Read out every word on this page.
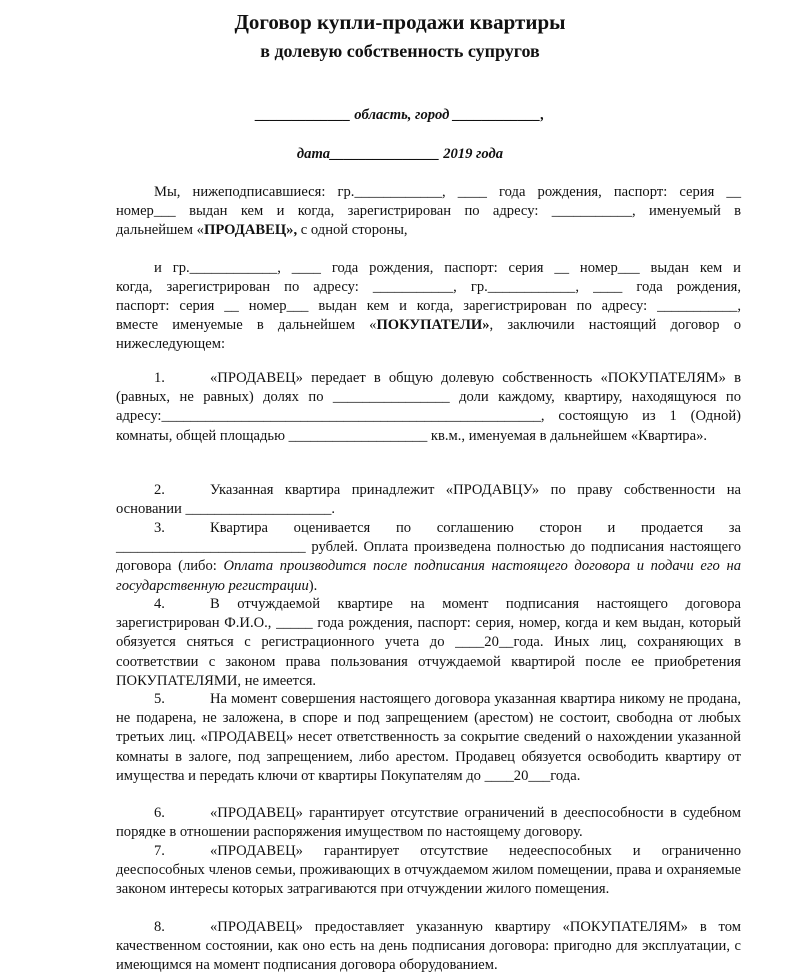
Договор купли-продажи квартиры
в долевую собственность супругов
_____________ область, город ____________,
дата_______________ 2019 года
Мы, нижеподписавшиеся: гр.____________, ____ года рождения, паспорт: серия __
номер___ выдан кем и когда, зарегистрирован по адресу: ___________, именуемый в
дальнейшем «ПРОДАВЕЦ», с одной стороны,
и гр.____________, ____ года рождения, паспорт: серия __ номер___ выдан кем и
когда, зарегистрирован по адресу: ___________, гр.____________, ____ года рождения,
паспорт: серия __ номер___ выдан кем и когда, зарегистрирован по адресу: ___________,
вместе именуемые в дальнейшем «ПОКУПАТЕЛИ», заключили настоящий договор о
нижеследующем:
1.	«ПРОДАВЕЦ» передает в общую долевую собственность «ПОКУПАТЕЛЯМ» в (равных, не равных) долях по ________________ доли каждому, квартиру, находящуюся по адресу:____________________________________________________, состоящую из 1 (Одной) комнаты, общей площадью ___________________ кв.м., именуемая в дальнейшем «Квартира».
2.	Указанная квартира принадлежит «ПРОДАВЦУ» по праву собственности на основании ____________________.
3.	Квартира оценивается по соглашению сторон и продается за __________________________ рублей. Оплата произведена полностью до подписания настоящего договора (либо: Оплата производится после подписания настоящего договора и подачи его на государственную регистрации).
4.	В отчуждаемой квартире на момент подписания настоящего договора зарегистрирован Ф.И.О., _____ года рождения, паспорт: серия, номер, когда и кем выдан, который обязуется сняться с регистрационного учета до ____20__года. Иных лиц, сохраняющих в соответствии с законом права пользования отчуждаемой квартирой после ее приобретения ПОКУПАТЕЛЯМИ, не имеется.
5.	На момент совершения настоящего договора указанная квартира никому не продана, не подарена, не заложена, в споре и под запрещением (арестом) не состоит, свободна от любых третьих лиц. «ПРОДАВЕЦ» несет ответственность за сокрытие сведений о нахождении указанной комнаты в залоге, под запрещением, либо арестом. Продавец обязуется освободить квартиру от имущества и передать ключи от квартиры Покупателям до ____20___года.
6.	«ПРОДАВЕЦ» гарантирует отсутствие ограничений в дееспособности в судебном порядке в отношении распоряжения имуществом по настоящему договору.
7.	«ПРОДАВЕЦ» гарантирует отсутствие недееспособных и ограниченно дееспособных членов семьи, проживающих в отчуждаемом жилом помещении, права и охраняемые законом интересы которых затрагиваются при отчуждении жилого помещения.
8.	«ПРОДАВЕЦ» предоставляет указанную квартиру «ПОКУПАТЕЛЯМ» в том качественном состоянии, как оно есть на день подписания договора: пригодно для эксплуатации, с имеющимся на момент подписания договора оборудованием.
